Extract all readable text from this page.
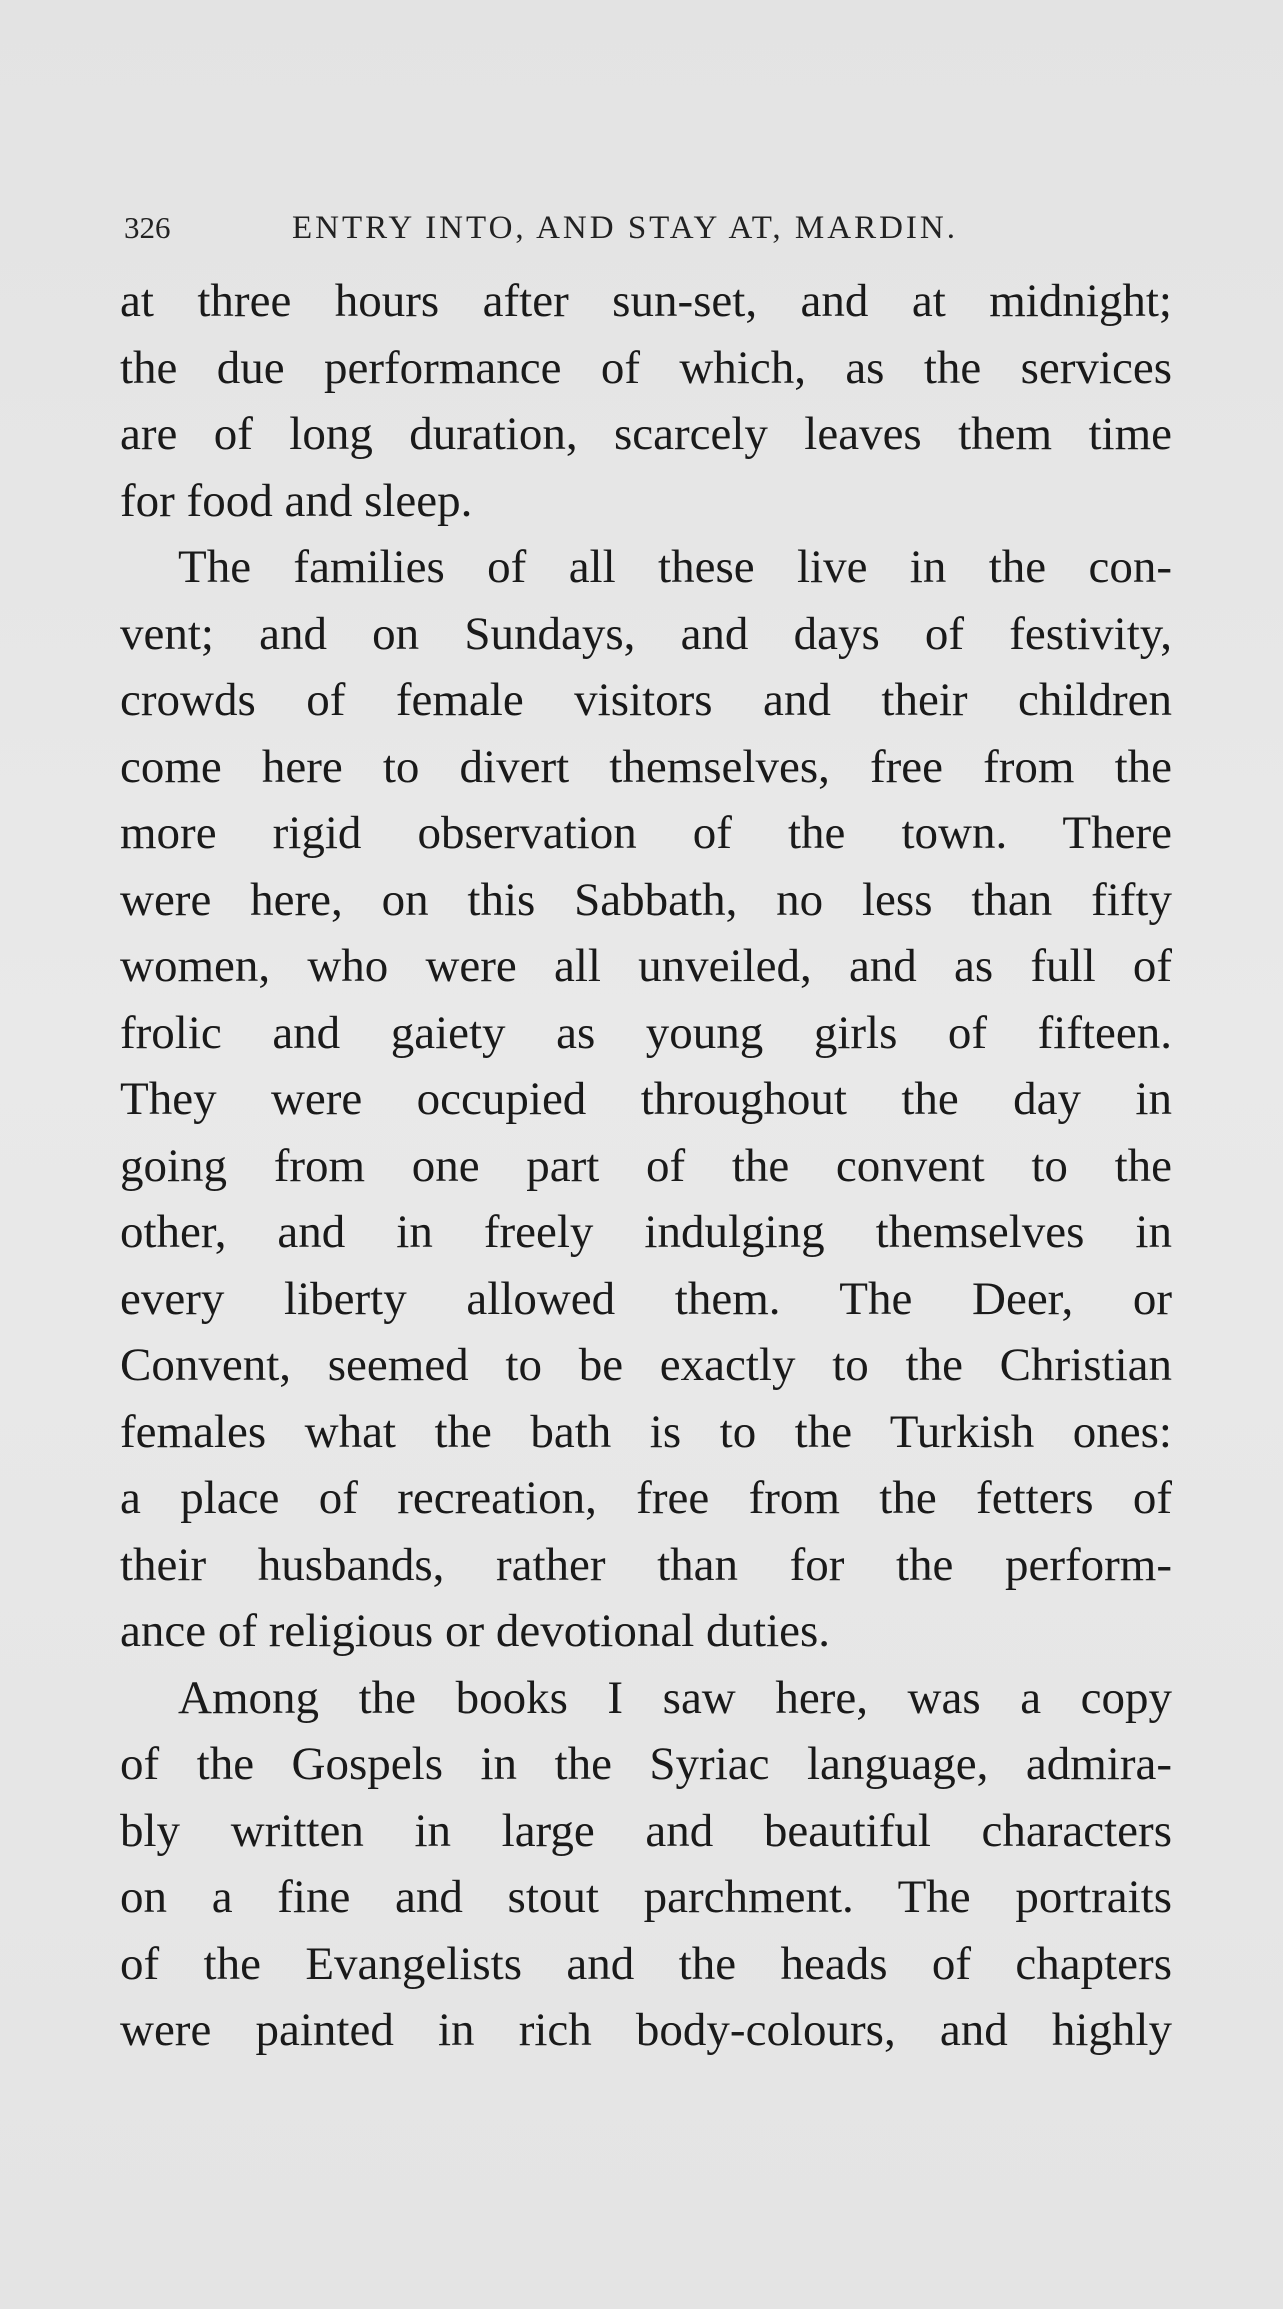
326	ENTRY INTO, AND STAY AT, MARDIN.
at three hours after sun-set, and at midnight;
the due performance of which, as the services
are of long duration, scarcely leaves them time
for food and sleep.
The families of all these live in the con-
vent; and on Sundays, and days of festivity,
crowds of female visitors and their children
come here to divert themselves, free from the
more rigid observation of the town. There
were here, on this Sabbath, no less than fifty
women, who were all unveiled, and as full of
frolic and gaiety as young girls of fifteen.
They were occupied throughout the day in
going from one part of the convent to the
other, and in freely indulging themselves in
every liberty allowed them. The Deer, or
Convent, seemed to be exactly to the Christian
females what the bath is to the Turkish ones:
a place of recreation, free from the fetters of
their husbands, rather than for the perform-
ance of religious or devotional duties.
Among the books I saw here, was a copy
of the Gospels in the Syriac language, admira-
bly written in large and beautiful characters
on a fine and stout parchment. The portraits
of the Evangelists and the heads of chapters
were painted in rich body-colours, and highly
